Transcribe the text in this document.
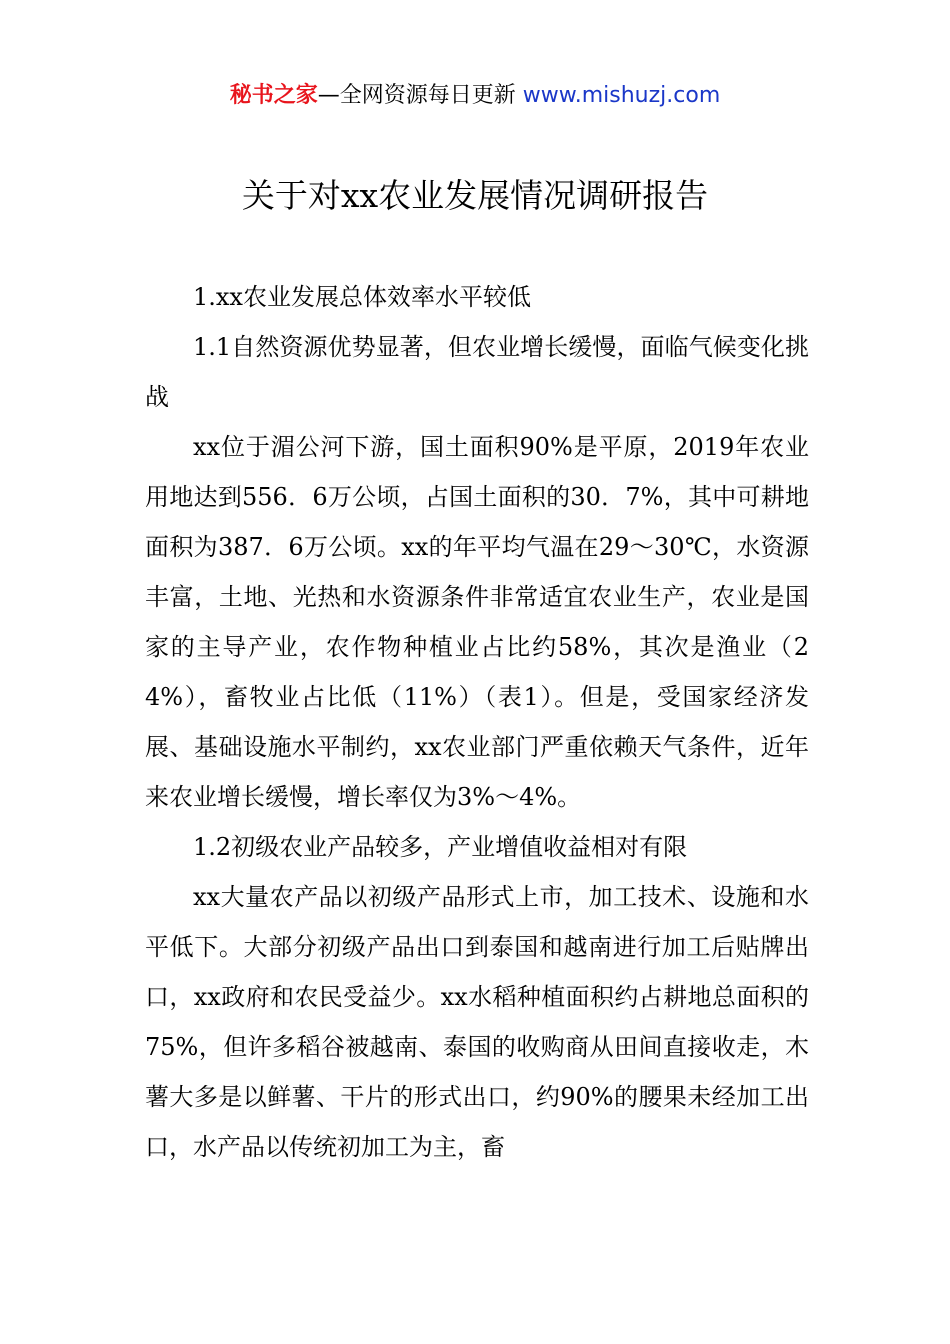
秘书之家—全网资源每日更新 www.mishuzj.com
关于对xx农业发展情况调研报告

1.xx农业发展总体效率水平较低

1.1自然资源优势显著，但农业增长缓慢，面临气候变化挑战

xx位于湄公河下游，国土面积90%是平原，2019年农业用地达到556．6万公顷，占国土面积的30．7%，其中可耕地面积为387．6万公顷。xx的年平均气温在29～30℃，水资源丰富，土地、光热和水资源条件非常适宜农业生产，农业是国家的主导产业，农作物种植业占比约58%，其次是渔业（24%），畜牧业占比低（11%）（表1）。但是，受国家经济发展、基础设施水平制约，xx农业部门严重依赖天气条件，近年来农业增长缓慢，增长率仅为3%～4%。

1.2初级农业产品较多，产业增值收益相对有限

xx大量农产品以初级产品形式上市，加工技术、设施和水平低下。大部分初级产品出口到泰国和越南进行加工后贴牌出口，xx政府和农民受益少。xx水稻种植面积约占耕地总面积的75%，但许多稻谷被越南、泰国的收购商从田间直接收走，木薯大多是以鲜薯、干片的形式出口，约90%的腰果未经加工出口，水产品以传统初加工为主，畜
